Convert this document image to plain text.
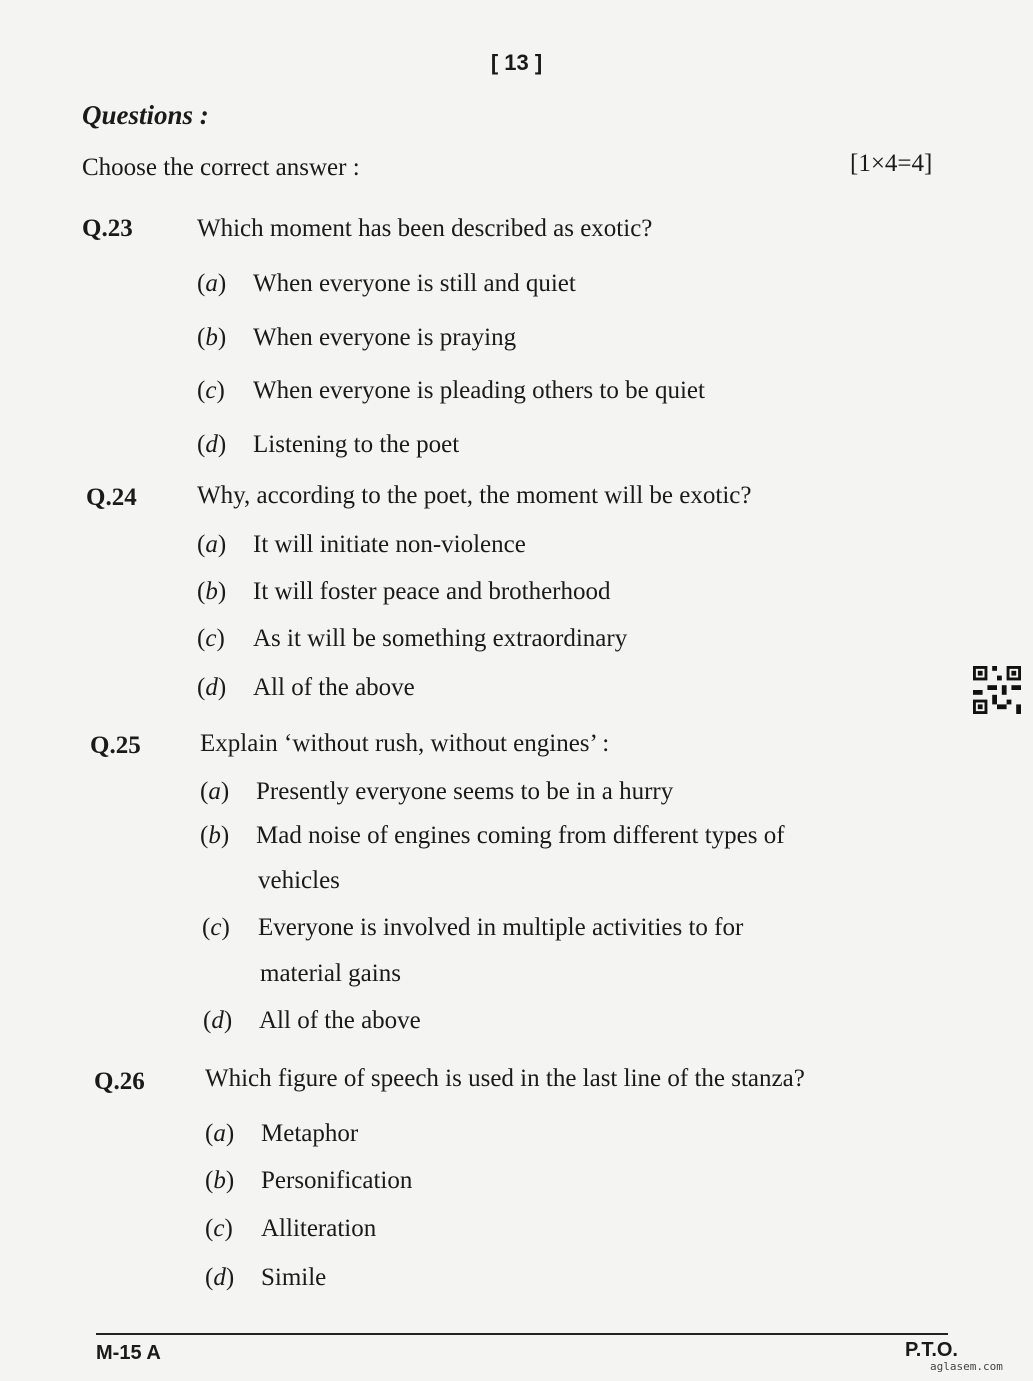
[ 13 ]
Questions :
Choose the correct answer :	[1×4=4]
Q.23	Which moment has been described as exotic?
(a) When everyone is still and quiet
(b) When everyone is praying
(c) When everyone is pleading others to be quiet
(d) Listening to the poet
Q.24 Why, according to the poet, the moment will be exotic?
(a) It will initiate non-violence
(b) It will foster peace and brotherhood
(c) As it will be something extraordinary
(d) All of the above
Q.25 Explain ‘without rush, without engines’ :
(a) Presently everyone seems to be in a hurry
(b) Mad noise of engines coming from different types of
vehicles
(c) Everyone is involved in multiple activities to for
material gains
(d) All of the above
Q.26 Which figure of speech is used in the last line of the stanza?
(a) Metaphor
(b) Personification
(c) Alliteration
(d) Simile
M-15 A	P.T.O.
aglasem.com
